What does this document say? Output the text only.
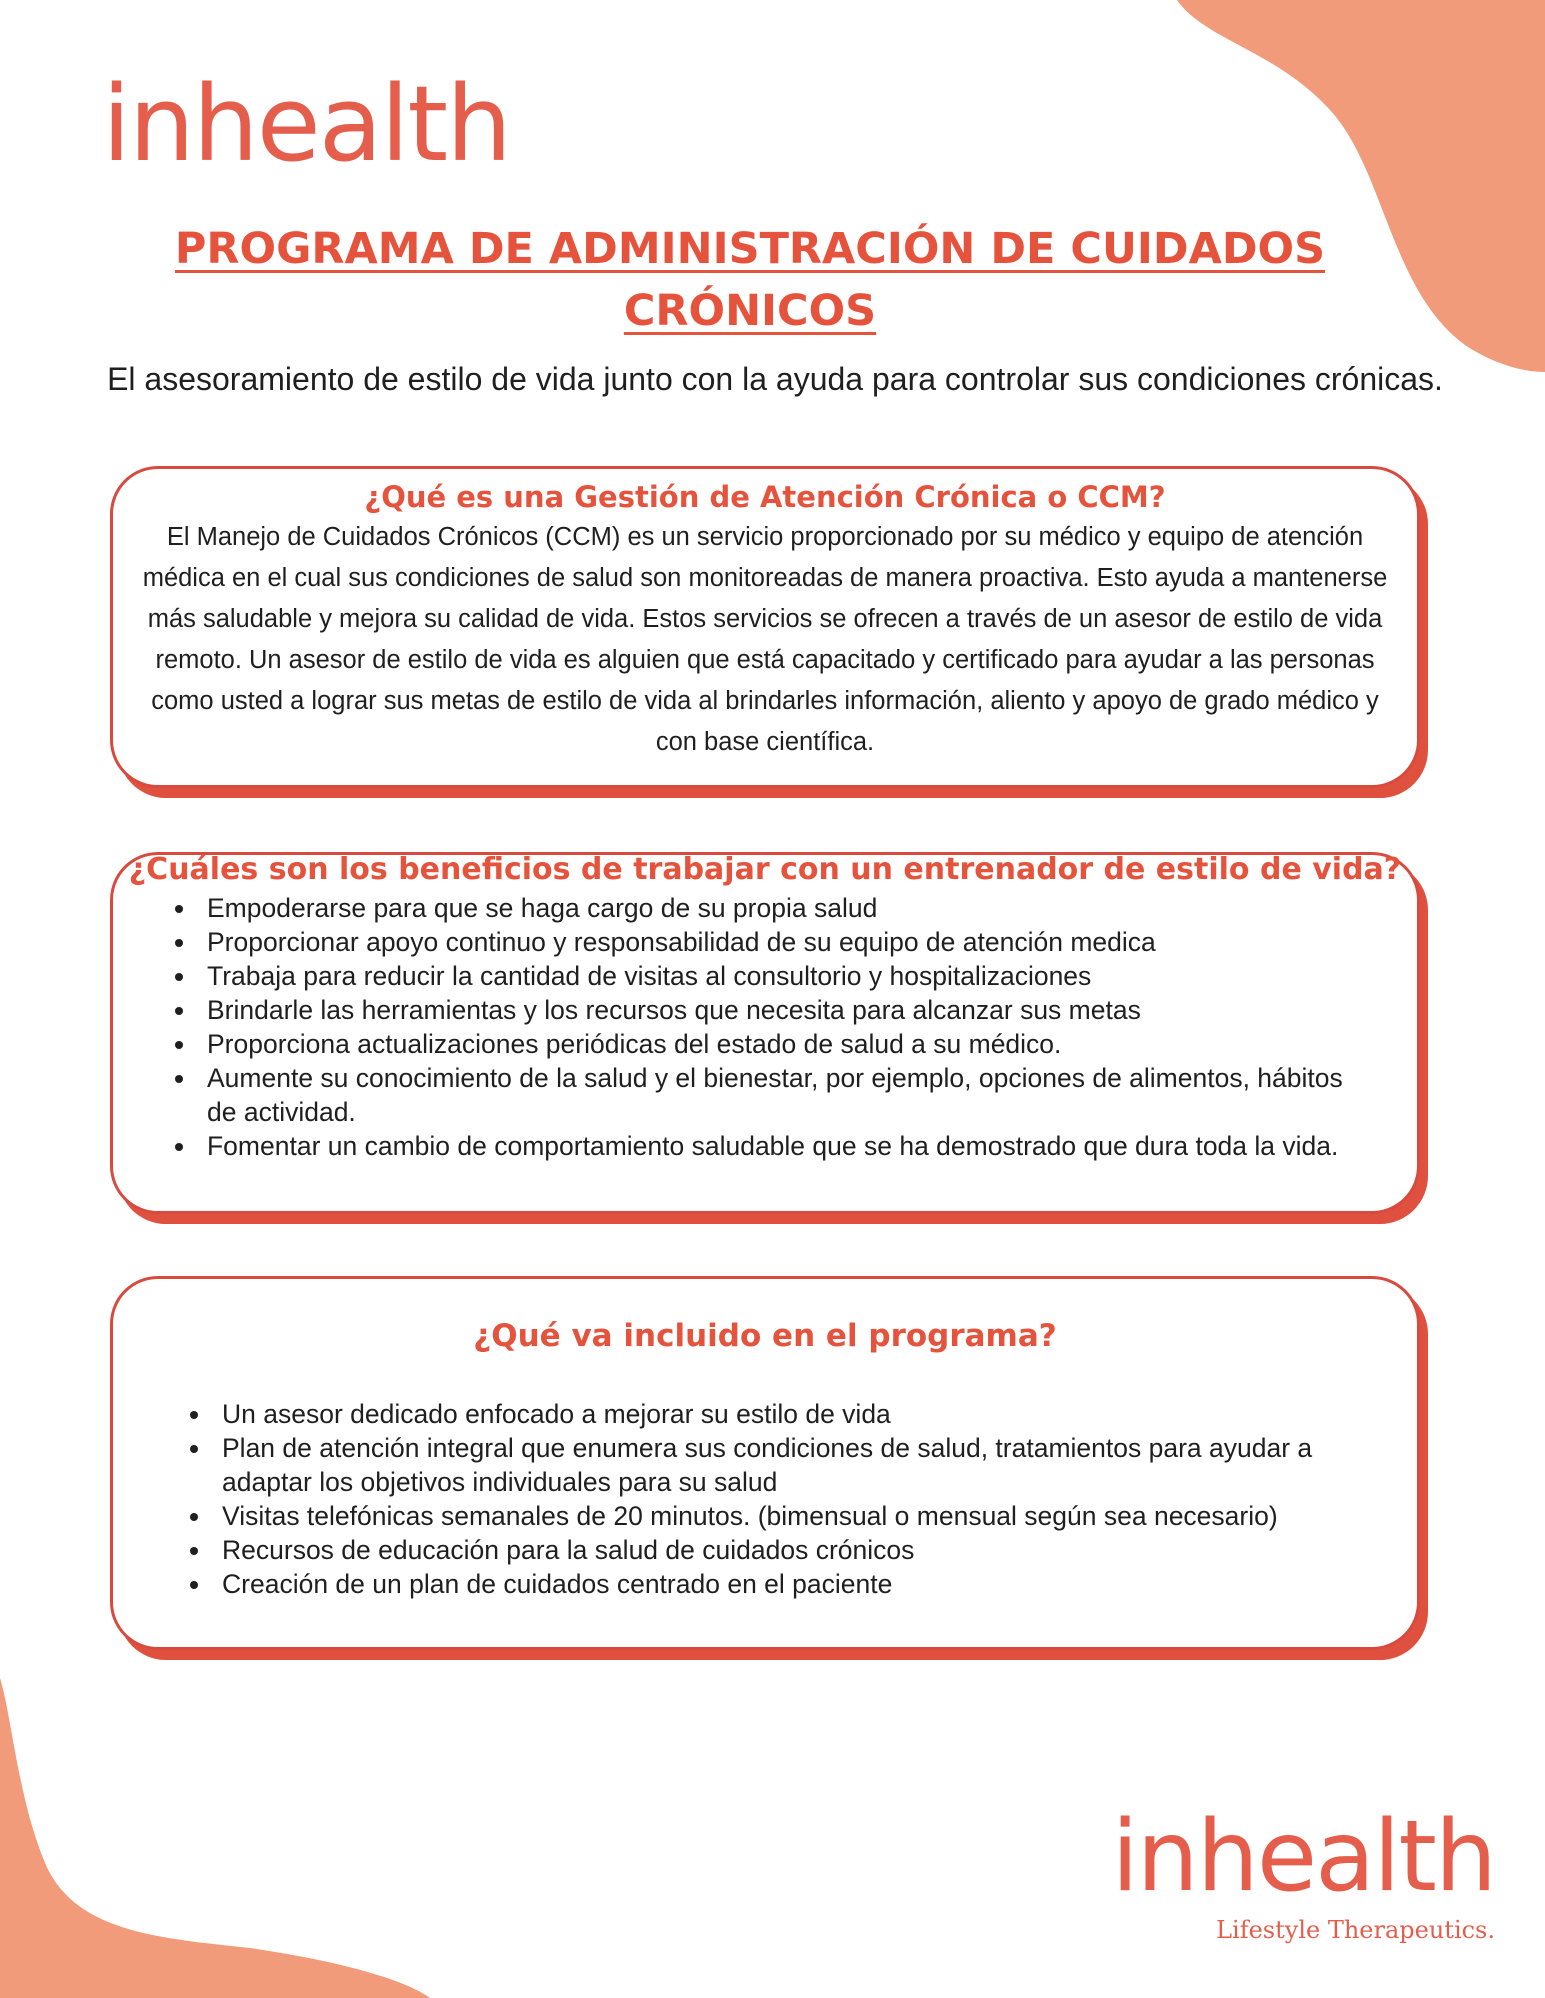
inhealth
PROGRAMA DE ADMINISTRACIÓN DE CUIDADOS CRÓNICOS
El asesoramiento de estilo de vida junto con la ayuda para controlar sus condiciones crónicas.
¿Qué es una Gestión de Atención Crónica o CCM?

El Manejo de Cuidados Crónicos (CCM) es un servicio proporcionado por su médico y equipo de atención médica en el cual sus condiciones de salud son monitoreadas de manera proactiva. Esto ayuda a mantenerse más saludable y mejora su calidad de vida. Estos servicios se ofrecen a través de un asesor de estilo de vida remoto. Un asesor de estilo de vida es alguien que está capacitado y certificado para ayudar a las personas como usted a lograr sus metas de estilo de vida al brindarles información, aliento y apoyo de grado médico y con base científica.

¿Cuáles son los beneficios de trabajar con un entrenador de estilo de vida?
Empoderarse para que se haga cargo de su propia salud
Proporcionar apoyo continuo y responsabilidad de su equipo de atención medica
Trabaja para reducir la cantidad de visitas al consultorio y hospitalizaciones
Brindarle las herramientas y los recursos que necesita para alcanzar sus metas
Proporciona actualizaciones periódicas del estado de salud a su médico.
Aumente su conocimiento de la salud y el bienestar, por ejemplo, opciones de alimentos, hábitos de actividad.
Fomentar un cambio de comportamiento saludable que se ha demostrado que dura toda la vida.
¿Qué va incluido en el programa?
Un asesor dedicado enfocado a mejorar su estilo de vida
Plan de atención integral que enumera sus condiciones de salud, tratamientos para ayudar a adaptar los objetivos individuales para su salud
Visitas telefónicas semanales de 20 minutos. (bimensual o mensual según sea necesario)
Recursos de educación para la salud de cuidados crónicos
Creación de un plan de cuidados centrado en el paciente
inhealth
Lifestyle Therapeutics.
